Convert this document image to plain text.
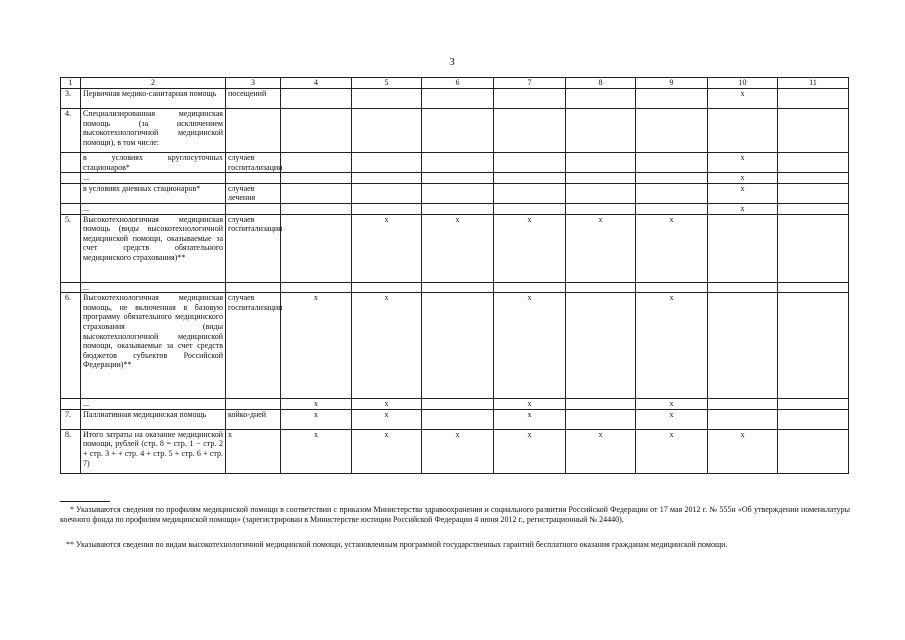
3
1	2	3	4	5	6	7	8	9	10	11
3.	Первичная медико-санитарная помощь	посещений							х	
4.	Специализированная медицинская помощь (за исключением высокотехнологичной медицинской помощи), в том числе:									
	в условиях круглосуточных стационаров*	случаев госпитализации							х	
	...								х	
	в условиях дневных стационаров*	случаев лечения							х	
	...								х	
5.	Высокотехнологичная медицинская помощь (виды высокотехнологичной медицинской помощи, оказываемые за счет средств обязательного медицинского страхования)**	случаев госпитализации		х	х	х	х	х		
	...									
6.	Высокотехнологичная медицинская помощь, не включенная в базовую программу обязательного медицинского страхования (виды высокотехнологичной медицинской помощи, оказываемые за счет средств бюджетов субъектов Российской Федерации)**	случаев госпитализации	х	х		х		х		
	...		х	х		х		х		
7.	Паллиативная медицинская помощь	койко-дней	х	х		х		х		
8.	Итого затраты на оказание медицинской помощи, рублей (стр. 8 = стр. 1 − стр. 2 + стр. 3 + + стр. 4 + стр. 5 + стр. 6 + стр. 7)	х	х	х	х	х	х	х	х	
* Указываются сведения по профилям медицинской помощи в соответствии с приказом Министерства здравоохранения и социального развития Российской Федерации от 17 мая 2012 г. № 555н «Об утверждении номенклатуры коечного фонда по профилям медицинской помощи» (зарегистрирован в Министерстве юстиции Российской Федерации 4 июня 2012 г., регистрационный № 24440).
** Указываются сведения по видам высокотехнологичной медицинской помощи, установленным программой государственных гарантий бесплатного оказания гражданам медицинской помощи.
